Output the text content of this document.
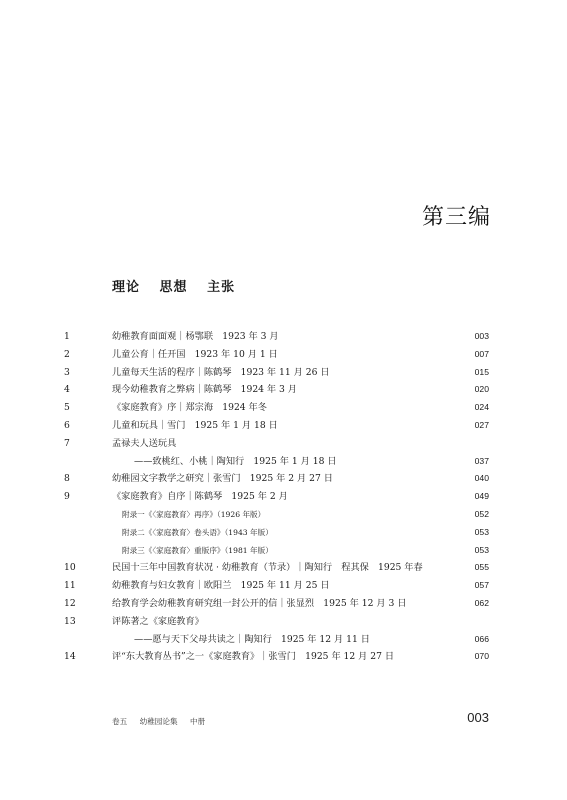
第三编
理论 思想 主张
1	幼稚教育面面观｜杨鄂联　1923 年 3 月	003
2	儿童公育｜任开国　1923 年 10 月 1 日	007
3	儿童每天生活的程序｜陈鹤琴　1923 年 11 月 26 日	015
4	现今幼稚教育之弊病｜陈鹤琴　1924 年 3 月	020
5	《家庭教育》序｜郑宗海　1924 年冬	024
6	儿童和玩具｜雪门　1925 年 1 月 18 日	027
7	孟禄夫人送玩具
——致桃红、小桃｜陶知行　1925 年 1 月 18 日	037
8	幼稚园文字教学之研究｜张雪门　1925 年 2 月 27 日	040
9	《家庭教育》自序｜陈鹤琴　1925 年 2 月	049
附录一《〈家庭教育〉再序》（1926 年版）	052
附录二《〈家庭教育〉卷头语》（1943 年版）	053
附录三《〈家庭教育〉重版序》（1981 年版）	053
10	民国十三年中国教育状况 · 幼稚教育（节录）｜陶知行　程其保　1925 年春	055
11	幼稚教育与妇女教育｜欧阳兰　1925 年 11 月 25 日	057
12	给教育学会幼稚教育研究组一封公开的信｜张显烈　1925 年 12 月 3 日	062
13	评陈著之《家庭教育》
——愿与天下父母共读之｜陶知行　1925 年 12 月 11 日	066
14	评“东大教育丛书”之一《家庭教育》｜张雪门　1925 年 12 月 27 日	070
卷五 幼稚园论集 中册	003
